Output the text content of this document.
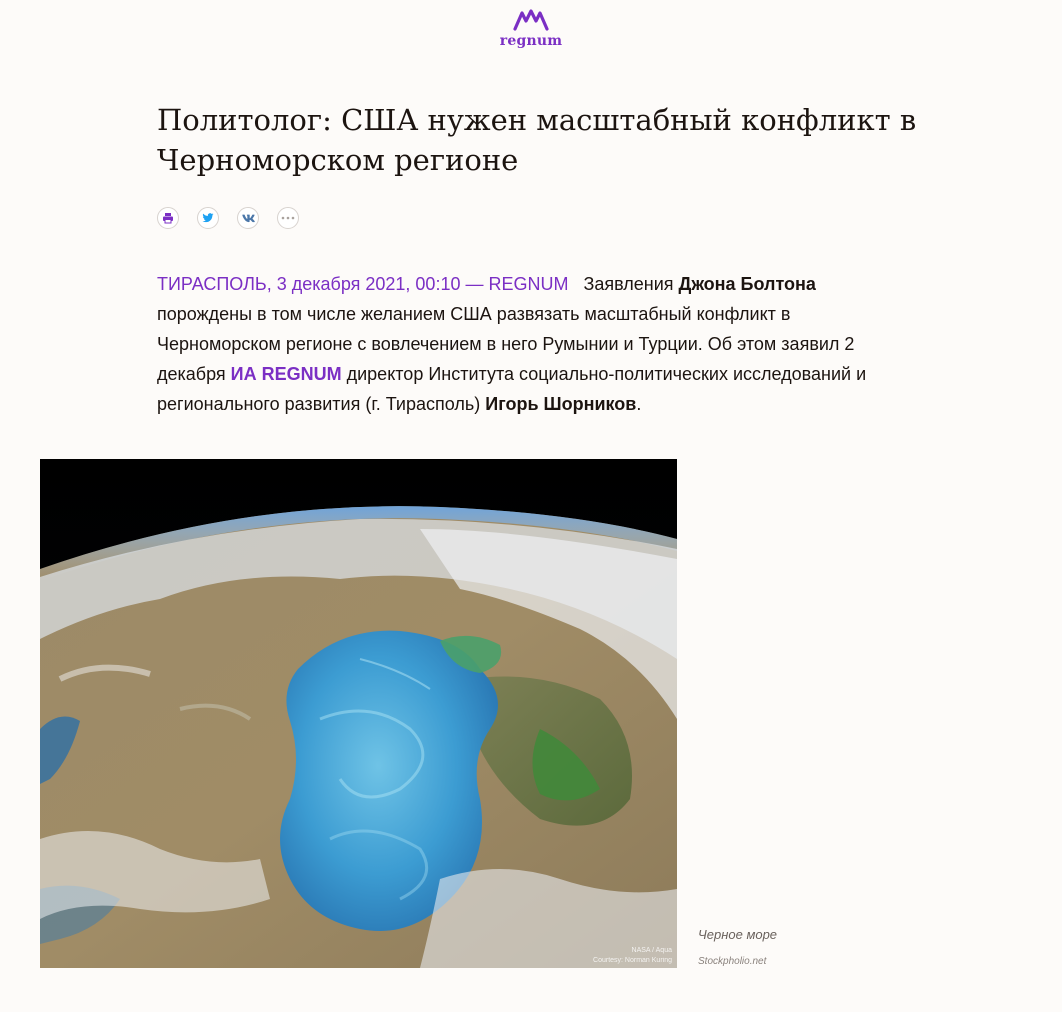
regnum
Политолог: США нужен масштабный конфликт в Черноморском регионе

ТИРАСПОЛЬ, 3 декабря 2021, 00:10 — REGNUM Заявления Джона Болтона порождены в том числе желанием США развязать масштабный конфликт в Черноморском регионе с вовлечением в него Румынии и Турции. Об этом заявил 2 декабря ИА REGNUM директор Института социально-политических исследований и регионального развития (г. Тирасполь) Игорь Шорников.

NASA / Aqua
Courtesy: Norman Kuring
Черное море
Stockpholio.net
